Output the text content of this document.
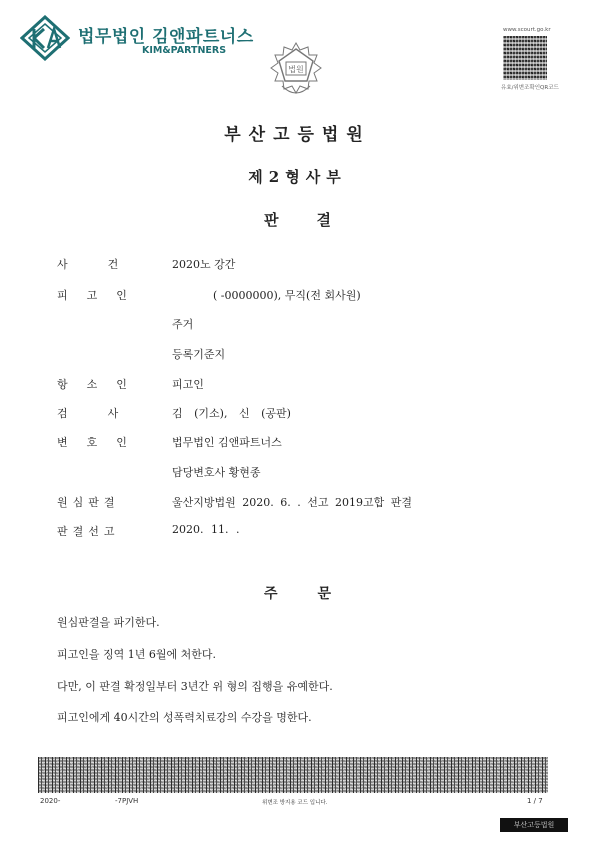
법무법인 김앤파트너스
KIM&PARTNERS
법원
www.scourt.go.kr
유효/위변조확인QR코드
부산고등법원
제2형사부
판결
사건 2020노 강간
피고인	( -0000000), 무직(전 회사원)
주거
등록기준지
항소인 피고인
검사 김 (기소), 신 (공판)
변호인 법무법인 김앤파트너스
담당변호사 황현종
원심판결	울산지방법원 2020. 6. . 선고 2019고합 판결
판결선고	2020. 11. .
주문
원심판결을 파기한다.
피고인을 징역 1년 6월에 처한다.
다만, 이 판결 확정일부터 3년간 위 형의 집행을 유예한다.
피고인에게 40시간의 성폭력치료강의 수강을 명한다.
2020-	-7PJVH	위변조 방지용 코드 입니다.	1 / 7
부산고등법원
